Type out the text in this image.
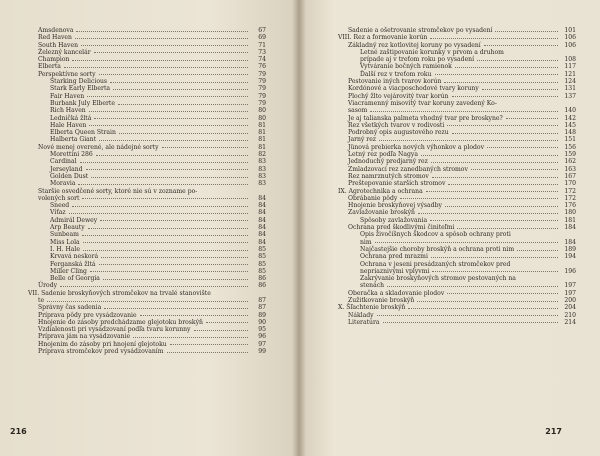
Amsdenova	67
Red Haven	69
South Haven	71
Železný kancelár	73
Champion	74
Elberta	76
Perspektívne sorty	79
Starking Delicious	79
Stark Early Elberta	79
Fair Haven	79
Burbank July Elberte	79
Rich Haven	80
Ledničká žltá	80
Hale Haven	81
Elberta Queen Strain	81
Halberta Giant	81
Nové menej overené, ale nádejné sorty	81
Morettini 286	82
Cardinal	83
Jerseyland	83
Golden Dust	83
Moravia	83
Staršie osvedčené sorty, ktoré nie sú v zozname po-
volených sort	84
Sneed	84
Víťaz	84
Admirál Dewey	84
Arp Beauty	84
Sunbeam	84
Miss Lola	84
I. H. Hale	85
Krvavá neskorá	85
Ferganská žltá	85
Miller Cling	85
Belle of Georgia	86
Úrody	86
VII. Sadenie broskyňových stromčekov na trvalé stanovište
te	87
Správny čas sadenia	87
Príprava pôdy pre vysádzovanie	89
Hnojenie do zásoby predchádzame glejotoku broskýň	90
Vzdialenosti pri vysádzovaní podľa tvaru korunny	95
Príprava jám na vysádzovanie	96
Hnojenim do zásoby pri hnojení glejotoku	97
Príprava stromčekov pred vysádzovaním	99
216
Sadenie a ošetrovanie stromčekov po vysadení	101
VIII. Rez a formovanie korún	106
Základný rez kotlovitej koruny po vysadení	106
Letné zaštipovanie korunky v prvom a druhom
prípade aj v treťom roku po vysadení	108
Vytváranie bočných ramienok	117
Ďalší rez v treťom roku	121
Pestovanie iných tvarov korún	124
Kordónové a viacposchodové tvary koruny	131
Plochý žlto vejárovitý tvar korún	137
Viacramenný misovitý tvar koruny zavedený Ko-
sasom	140
Je aj talianska palmeta vhodný tvar pre broskyne?	142
Rez všetkých tvarov v rodivosti	145
Podrobný opis augustového rezu	148
Jarný rez	151
Jünová prebierka nových výhonkov a plodov	156
Letný rez podľa Nagya	159
Jednoduchý predjarný rez	162
Zmladzovací rez zanedbaných stromov	163
Rez namrznutých stromov	167
Preštepovanie starších stromov	170
IX. Agrotechnika a ochrana	172
Obrábanie pôdy	172
Hnojenie broskyňovej výsadby	176
Zavlažovanie broskýň	180
Spôsoby zavlažovania	181
Ochrana pred škodlivými činiteľmi	184
Opis živočíšnych škodcov a spôsob ochrany proti
nim	184
Najčastejšie choroby broskýň a ochrana proti nim	189
Ochrana pred mrazmi	194
Ochrana v jeseni presádzaných stromčekov pred
nepriaznivými vplyvmi	196
Zakrývanie broskyňových stromov pestovaných na
stenách	197
Oberačka a skladovanie plodov	197
Zužitkovanie broskýň	200
X. Šľachtenie broskýň	204
Náklady	210
Literatúra	214
217
